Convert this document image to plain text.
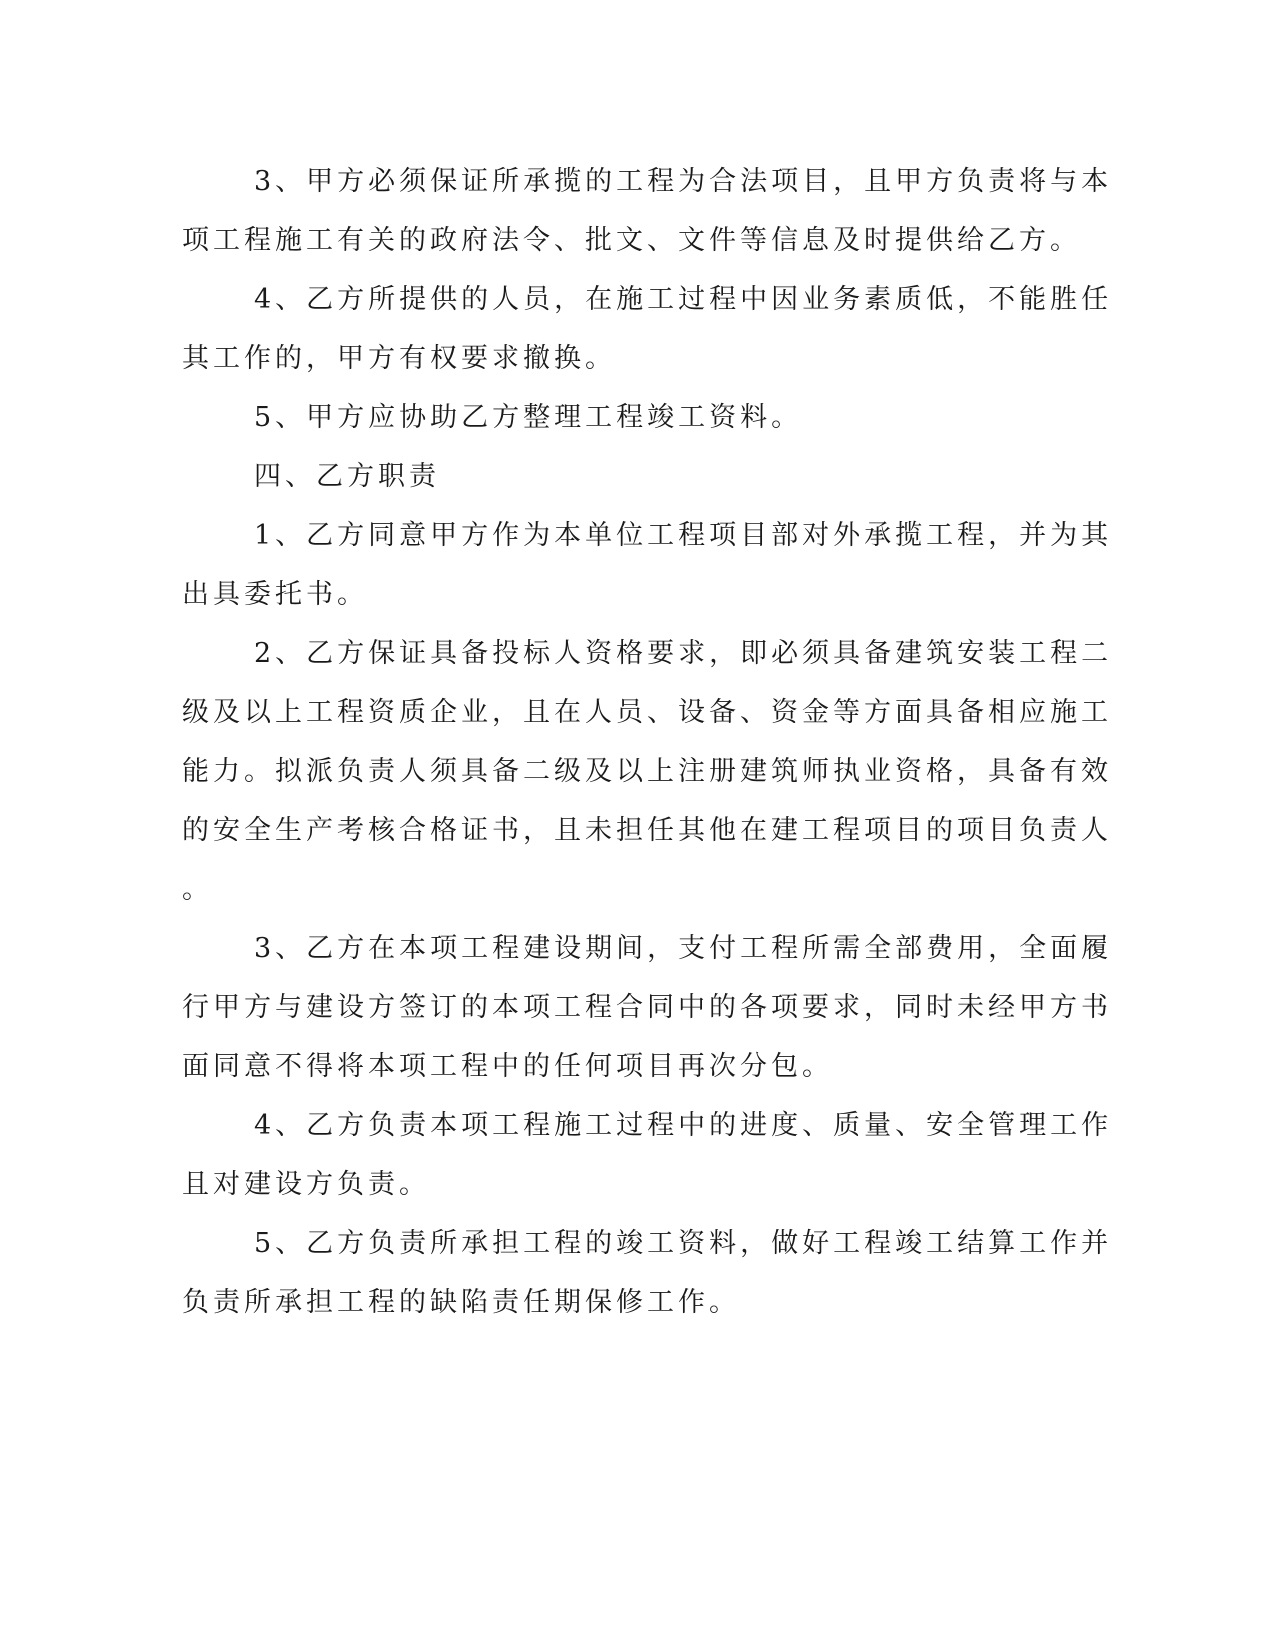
3、甲方必须保证所承揽的工程为合法项目，且甲方负责将与本
项工程施工有关的政府法令、批文、文件等信息及时提供给乙方。
4、乙方所提供的人员，在施工过程中因业务素质低，不能胜任
其工作的，甲方有权要求撤换。
5、甲方应协助乙方整理工程竣工资料。
四、乙方职责
1、乙方同意甲方作为本单位工程项目部对外承揽工程，并为其
出具委托书。
2、乙方保证具备投标人资格要求，即必须具备建筑安装工程二
级及以上工程资质企业，且在人员、设备、资金等方面具备相应施工
能力。拟派负责人须具备二级及以上注册建筑师执业资格，具备有效
的安全生产考核合格证书，且未担任其他在建工程项目的项目负责人
。
3、乙方在本项工程建设期间，支付工程所需全部费用，全面履
行甲方与建设方签订的本项工程合同中的各项要求，同时未经甲方书
面同意不得将本项工程中的任何项目再次分包。
4、乙方负责本项工程施工过程中的进度、质量、安全管理工作
且对建设方负责。
5、乙方负责所承担工程的竣工资料，做好工程竣工结算工作并
负责所承担工程的缺陷责任期保修工作。
